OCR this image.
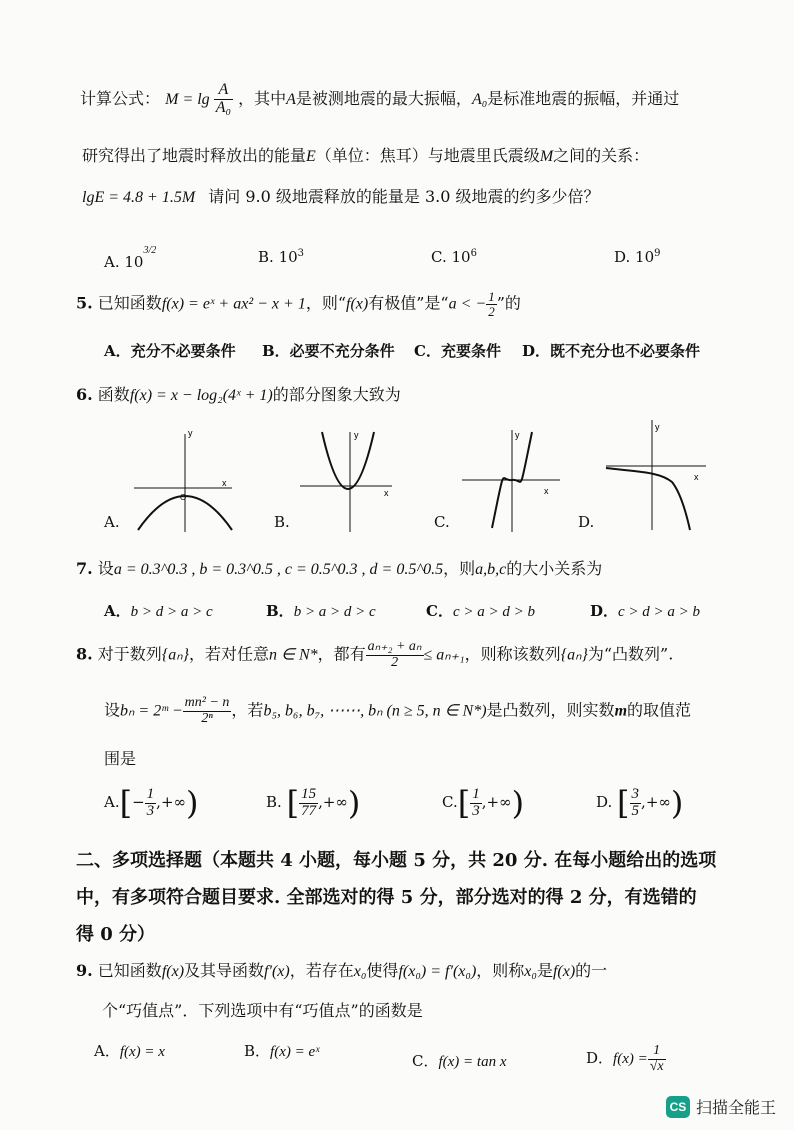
计算公式： $M = \lg \frac{A}{\text{A₀}}$ ，其中A是被测地震的最大振幅，A₀是标准地震的振幅，并通过
研究得出了地震时释放出的能量E（单位：焦耳）与地震里氏震级M之间的关系：
lgE = 4.8 + 1.5M 请问 9.0 级地震释放的能量是 3.0 级地震的约多少倍？
A. $10^{3/2}$	B. $10^3$	C. $10^6$	D. $10^9$
5. 已知函数f(x) = eˣ + ax² − x + 1，则“f(x)有极值”是“a < − $\frac{1}{2}$ ”的
A．充分不必要条件 B．必要不充分条件 C．充要条件 D．既不充分也不必要条件
6. 函数f(x) = x − log₂(4ˣ + 1)的部分图象大致为
y
x
O
y
x
y
x
y
x
A.	B.	C.	D.
7. 设a = 0.3^0.3 , b = 0.3^0.5 , c = 0.5^0.3 , d = 0.5^0.5，则a,b,c的大小关系为
A．b > d > a > c	B．b > a > d > c	C．c > a > d > b	D．c > d > a > b
8. 对于数列{aₙ}，若对任意n ∈ N*，都有 $\frac{\text{aₙ₊₂ + aₙ}}{2} \le a_{n+1}$，则称该数列{aₙ}为“凸数列”.
设bₙ = 2ᵐ − $\frac{\text{mn² − n}}{\text{2ⁿ}}$ ，若b₅, b₆, b₇, ⋯⋯, bₙ (n ≥ 5, n ∈ N*)是凸数列，则实数m的取值范
围是
$A.[- \frac{1}{3}$ ,+∞)	B. [ $\frac{15}{77}$ ,+∞)	$C.[ \frac{1}{3}$ ,+∞)	D. [ $\frac{3}{5}$ ,+∞)
二、多项选择题（本题共 4 小题，每小题 5 分，共 20 分. 在每小题给出的选项
中，有多项符合题目要求. 全部选对的得 5 分，部分选对的得 2 分，有选错的
得 0 分）
9. 已知函数f(x)及其导函数f′(x)，若存在x₀使得f(x₀) = f′(x₀)，则称x₀是f(x)的一
个“巧值点”．下列选项中有“巧值点”的函数是
A．f(x) = x	B．f(x) = eˣ	C．f(x) = tan x	D．$f(x) = \frac{1}{√x}$
CS 扫描全能王
